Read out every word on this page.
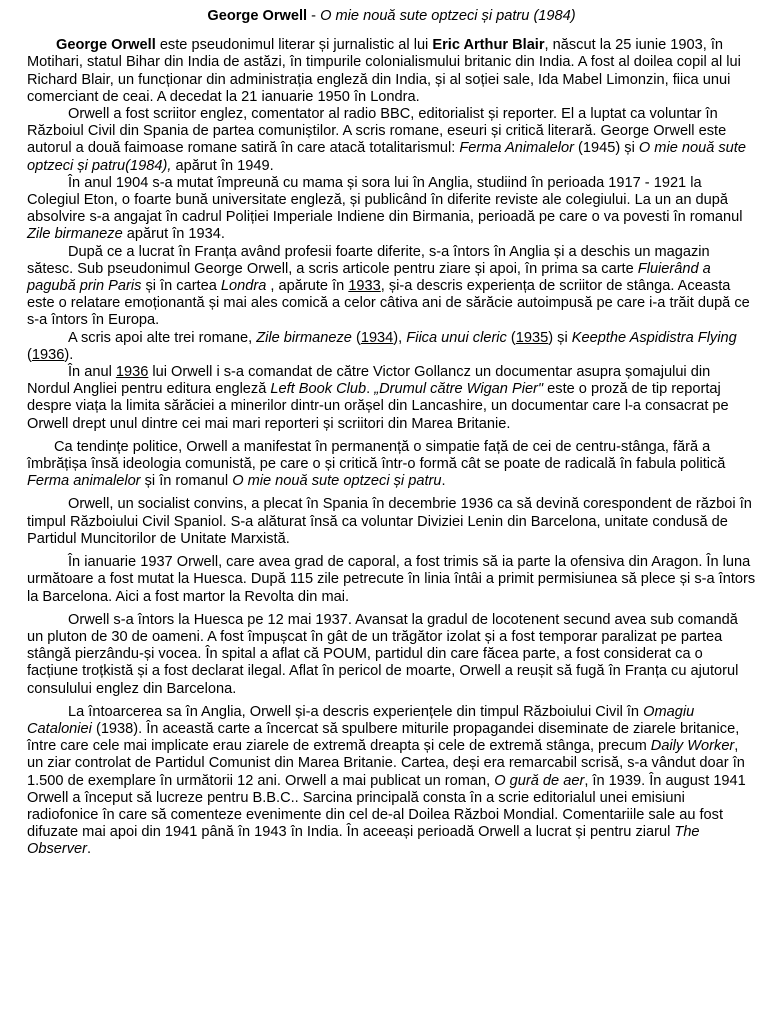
George Orwell - O mie nouă sute optzeci și patru (1984)

George Orwell este pseudonimul literar și jurnalistic al lui Eric Arthur Blair, născut la 25 iunie 1903, în Motihari, statul Bihar din India de astăzi, în timpurile colonialismului britanic din India. A fost al doilea copil al lui Richard Blair, un funcționar din administrația engleză din India, și al soției sale, Ida Mabel Limonzin, fiica unui comerciant de ceai. A decedat la 21 ianuarie 1950 în Londra.

Orwell a fost scriitor englez, comentator al radio BBC, editorialist și reporter. El a luptat ca voluntar în Războiul Civil din Spania de partea comuniștilor. A scris romane, eseuri și critică literară. George Orwell este autorul a două faimoase romane satiră în care atacă totalitarismul: Ferma Animalelor (1945) și O mie nouă sute optzeci și patru(1984), apărut în 1949.

În anul 1904 s-a mutat împreună cu mama și sora lui în Anglia, studiind în perioada 1917 - 1921 la Colegiul Eton, o foarte bună universitate engleză, și publicând în diferite reviste ale colegiului. La un an după absolvire s-a angajat în cadrul Poliției Imperiale Indiene din Birmania, perioadă pe care o va povesti în romanul Zile birmaneze apărut în 1934.

După ce a lucrat în Franța având profesii foarte diferite, s-a întors în Anglia și a deschis un magazin sătesc. Sub pseudonimul George Orwell, a scris articole pentru ziare și apoi, în prima sa carte Fluierând a pagubă prin Paris și în cartea Londra , apărute în 1933, și-a descris experiența de scriitor de stânga. Aceasta este o relatare emoționantă și mai ales comică a celor câtiva ani de sărăcie autoimpusă pe care i-a trăit după ce s-a întors în Europa.

A scris apoi alte trei romane, Zile birmaneze (1934), Fiica unui cleric (1935) și Keepthe Aspidistra Flying (1936).

În anul 1936 lui Orwell i s-a comandat de către Victor Gollancz un documentar asupra șomajului din Nordul Angliei pentru editura engleză Left Book Club. „Drumul către Wigan Pier" este o proză de tip reportaj despre viața la limita sărăciei a minerilor dintr-un orășel din Lancashire, un documentar care l-a consacrat pe Orwell drept unul dintre cei mai mari reporteri și scriitori din Marea Britanie.

Ca tendințe politice, Orwell a manifestat în permanență o simpatie față de cei de centru-stânga, fără a îmbrățișa însă ideologia comunistă, pe care o și critică într-o formă cât se poate de radicală în fabula politică Ferma animalelor și în romanul O mie nouă sute optzeci și patru.

Orwell, un socialist convins, a plecat în Spania în decembrie 1936 ca să devină corespondent de război în timpul Războiului Civil Spaniol. S-a alăturat însă ca voluntar Diviziei Lenin din Barcelona, unitate condusă de Partidul Muncitorilor de Unitate Marxistă.

În ianuarie 1937 Orwell, care avea grad de caporal, a fost trimis să ia parte la ofensiva din Aragon. În luna următoare a fost mutat la Huesca. După 115 zile petrecute în linia întâi a primit permisiunea să plece și s-a întors la Barcelona. Aici a fost martor la Revolta din mai.

Orwell s-a întors la Huesca pe 12 mai 1937. Avansat la gradul de locotenent secund avea sub comandă un pluton de 30 de oameni. A fost împușcat în gât de un trăgător izolat și a fost temporar paralizat pe partea stângă pierzându-și vocea. În spital a aflat că POUM, partidul din care făcea parte, a fost considerat ca o facțiune troțkistă și a fost declarat ilegal. Aflat în pericol de moarte, Orwell a reușit să fugă în Franța cu ajutorul consulului englez din Barcelona.

La întoarcerea sa în Anglia, Orwell și-a descris experiențele din timpul Războiului Civil în Omagiu Cataloniei (1938). În această carte a încercat să spulbere miturile propagandei diseminate de ziarele britanice, între care cele mai implicate erau ziarele de extremă dreapta și cele de extremă stânga, precum Daily Worker, un ziar controlat de Partidul Comunist din Marea Britanie. Cartea, deși era remarcabil scrisă, s-a vândut doar în 1.500 de exemplare în următorii 12 ani. Orwell a mai publicat un roman, O gură de aer, în 1939. În august 1941 Orwell a început să lucreze pentru B.B.C.. Sarcina principală consta în a scrie editorialul unei emisiuni radiofonice în care să comenteze evenimente din cel de-al Doilea Război Mondial. Comentariile sale au fost difuzate mai apoi din 1941 până în 1943 în India. În aceeași perioadă Orwell a lucrat și pentru ziarul The Observer.
